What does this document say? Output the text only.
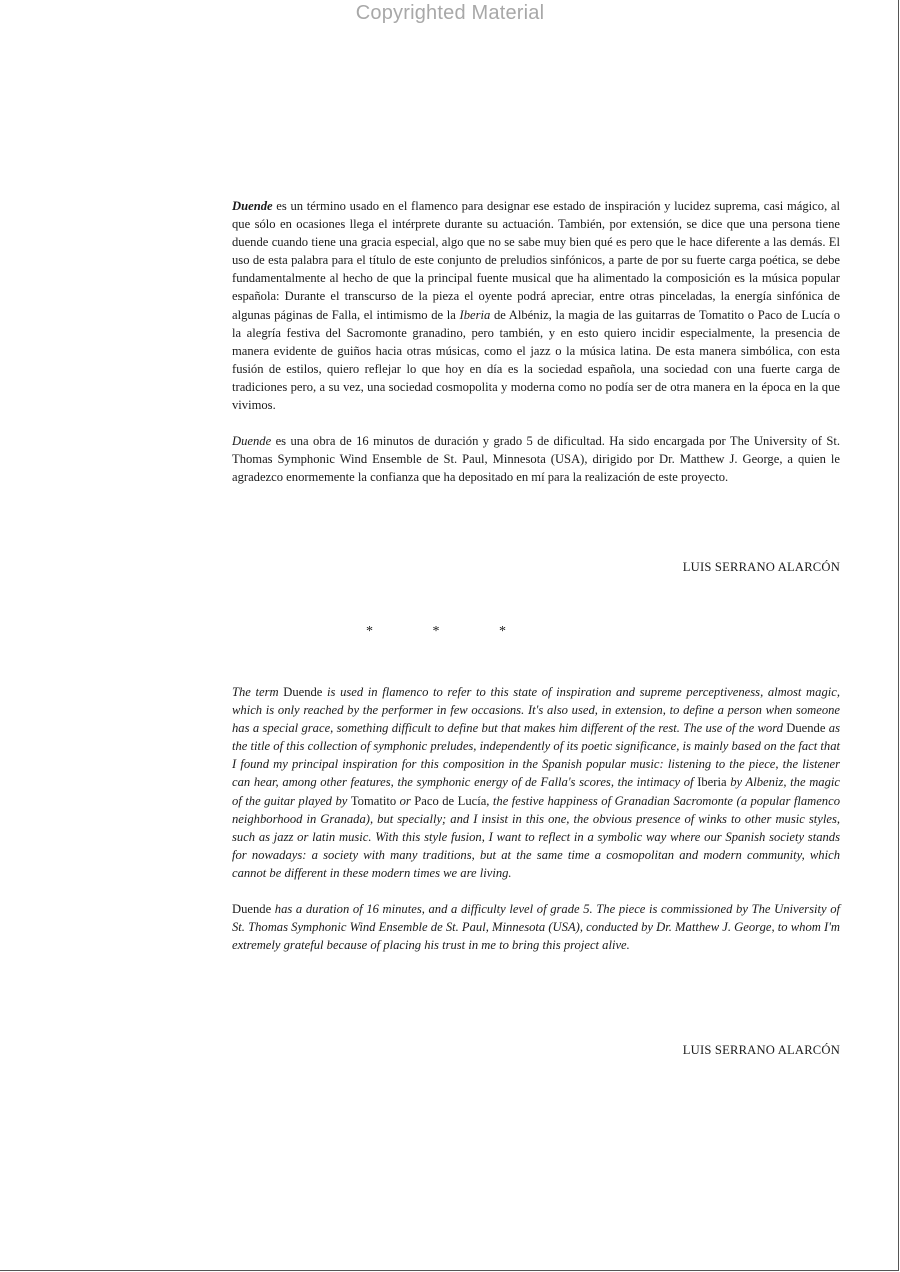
Copyrighted Material

Duende es un término usado en el flamenco para designar ese estado de inspiración y lucidez suprema, casi mágico, al que sólo en ocasiones llega el intérprete durante su actuación. También, por extensión, se dice que una persona tiene duende cuando tiene una gracia especial, algo que no se sabe muy bien qué es pero que le hace diferente a las demás. El uso de esta palabra para el título de este conjunto de preludios sinfónicos, a parte de por su fuerte carga poética, se debe fundamentalmente al hecho de que la principal fuente musical que ha alimentado la composición es la música popular española: Durante el transcurso de la pieza el oyente podrá apreciar, entre otras pinceladas, la energía sinfónica de algunas páginas de Falla, el intimismo de la Iberia de Albéniz, la magia de las guitarras de Tomatito o Paco de Lucía o la alegría festiva del Sacromonte granadino, pero también, y en esto quiero incidir especialmente, la presencia de manera evidente de guiños hacia otras músicas, como el jazz o la música latina. De esta manera simbólica, con esta fusión de estilos, quiero reflejar lo que hoy en día es la sociedad española, una sociedad con una fuerte carga de tradiciones pero, a su vez, una sociedad cosmopolita y moderna como no podía ser de otra manera en la época en la que vivimos.

Duende es una obra de 16 minutos de duración y grado 5 de dificultad. Ha sido encargada por The University of St. Thomas Symphonic Wind Ensemble de St. Paul, Minnesota (USA), dirigido por Dr. Matthew J. George, a quien le agradezco enormemente la confianza que ha depositado en mí para la realización de este proyecto.

LUIS SERRANO ALARCÓN
* * *

The term Duende is used in flamenco to refer to this state of inspiration and supreme perceptiveness, almost magic, which is only reached by the performer in few occasions. It's also used, in extension, to define a person when someone has a special grace, something difficult to define but that makes him different of the rest. The use of the word Duende as the title of this collection of symphonic preludes, independently of its poetic significance, is mainly based on the fact that I found my principal inspiration for this composition in the Spanish popular music: listening to the piece, the listener can hear, among other features, the symphonic energy of de Falla's scores, the intimacy of Iberia by Albeniz, the magic of the guitar played by Tomatito or Paco de Lucía, the festive happiness of Granadian Sacromonte (a popular flamenco neighborhood in Granada), but specially; and I insist in this one, the obvious presence of winks to other music styles, such as jazz or latin music. With this style fusion, I want to reflect in a symbolic way where our Spanish society stands for nowadays: a society with many traditions, but at the same time a cosmopolitan and modern community, which cannot be different in these modern times we are living.

Duende has a duration of 16 minutes, and a difficulty level of grade 5. The piece is commissioned by The University of St. Thomas Symphonic Wind Ensemble de St. Paul, Minnesota (USA), conducted by Dr. Matthew J. George, to whom I'm extremely grateful because of placing his trust in me to bring this project alive.

LUIS SERRANO ALARCÓN
